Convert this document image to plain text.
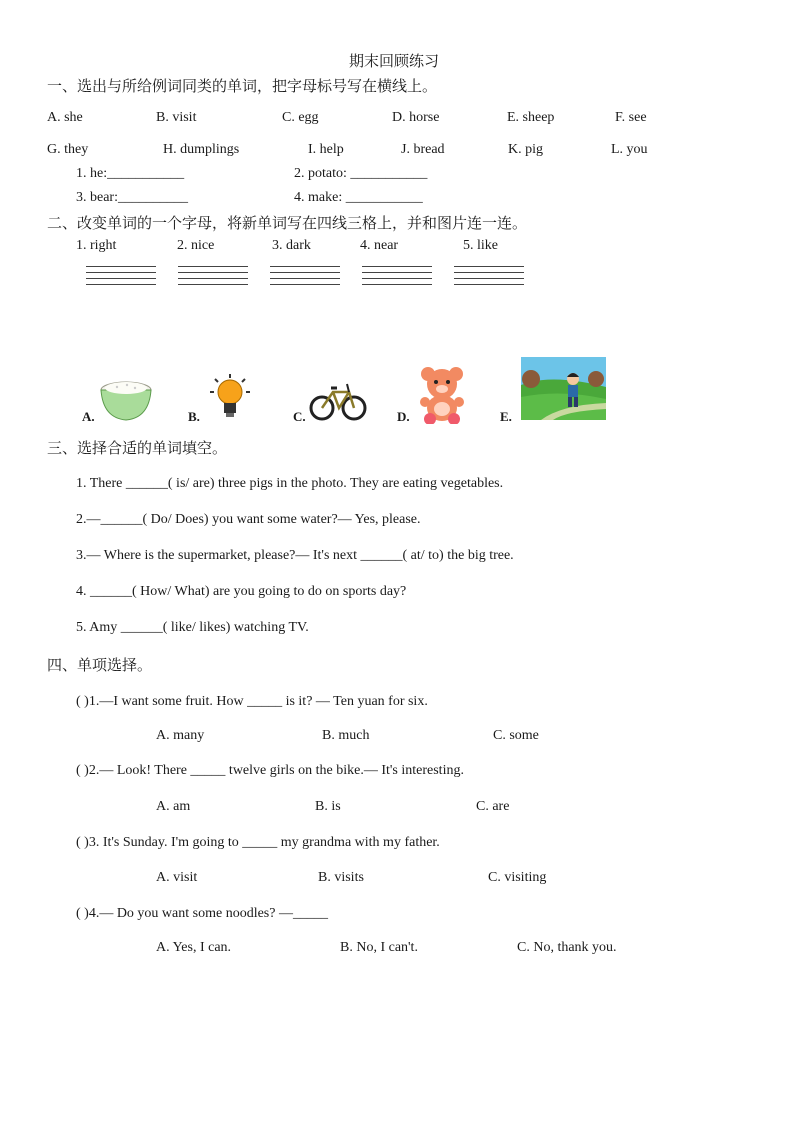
期末回顾练习
一、选出与所给例词同类的单词，把字母标号写在横线上。
A. she	B. visit	C. egg	D. horse	E. sheep	F. see
G. they	H. dumplings	I. help	J. bread	K. pig	L. you
1. he:___________	2. potato: ___________
3. bear:__________	4. make: ___________
二、改变单词的一个字母，将新单词写在四线三格上，并和图片连一连。
1. right	2. nice	3. dark	4. near	5. like
A.	B.	C.	D.	E.
三、选择合适的单词填空。
1. There ______( is/ are) three pigs in the photo. They are eating vegetables.
2.—______( Do/ Does) you want some water?— Yes, please.
3.— Where is the supermarket, please?— It's next ______( at/ to) the big tree.
4. ______( How/ What) are you going to do on sports day?
5. Amy ______( like/ likes) watching TV.
四、单项选择。
( )1.—I want some fruit. How _____ is it? — Ten yuan for six.
A. many	B. much	C. some
( )2.— Look! There _____ twelve girls on the bike.— It's interesting.
A. am	B. is	C. are
( )3. It's Sunday. I'm going to _____ my grandma with my father.
A. visit	B. visits	C. visiting
( )4.— Do you want some noodles? —_____
A. Yes, I can.	B. No, I can't.	C. No, thank you.
